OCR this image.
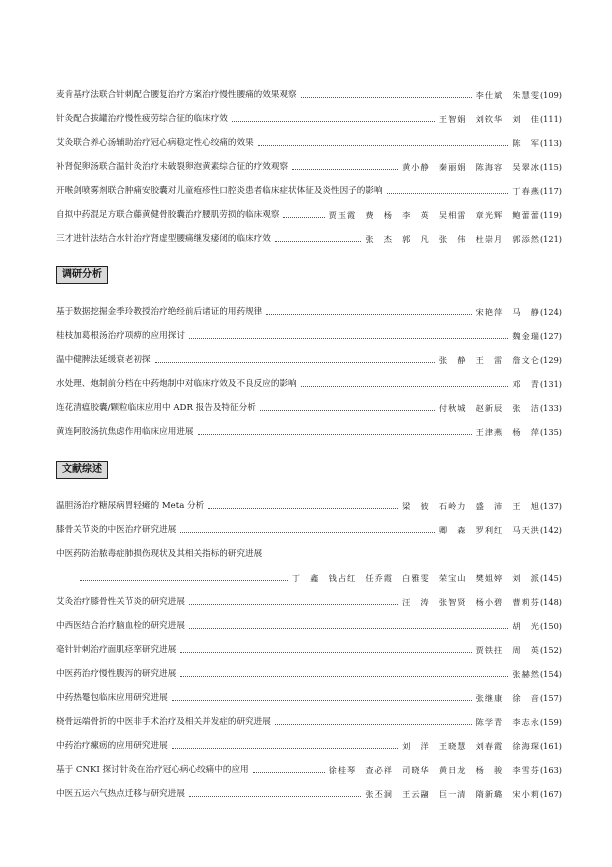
麦肯基疗法联合针刺配合腰复治疗方案治疗慢性腰痛的效果观察	李仕斌　朱慧雯 (109)
针灸配合拔罐治疗慢性疲劳综合征的临床疗效	王智娟　刘钦华　刘　佳 (111)
艾灸联合养心汤辅助治疗冠心病稳定性心绞痛的效果	陈　军 (113)
补肾促卵汤联合温针灸治疗未破裂卵泡黄素综合征的疗效观察	黄小静　秦丽娟　陈海容　吴翠冰 (115)
开喉剑喷雾剂联合肿痛安胶囊对儿童疱疹性口腔炎患者临床症状体征及炎性因子的影响	丁春燕 (117)
自拟中药混足方联合藤黄健骨胶囊治疗腰肌劳损的临床观察	贾玉霞　费　杨　李　英　吴相雷　章光辉　鲍蕾蕾 (119)
三才进针法结合水针治疗肾虚型腰痛继发痿闭的临床疗效	张　杰　郭　凡　张　伟　杜崇月　郭添然 (121)
调研分析
基于数据挖掘金季玲教授治疗绝经前后诸证的用药规律	宋艳萍　马　静 (124)
桂枝加葛根汤治疗项痹的应用探讨	魏金瑞 (127)
温中健脾法延缓衰老初探	张　静　王　雷　詹文仑 (129)
水处理、炮制前分档在中药炮制中对临床疗效及不良反应的影响	邓　青 (131)
连花清瘟胶囊/颗粒临床应用中 ADR 报告及特征分析	付秋城　赵新辰　张　洁 (133)
黄连阿胶汤抗焦虑作用临床应用进展	王津燕　杨　萍 (135)
文献综述
温胆汤治疗糖尿病胃轻瘫的 Meta 分析	梁　彼　石岭力　盛　沛　王　旭 (137)
膝骨关节炎的中医治疗研究进展	卿　森　罗利红　马天洪 (142)
中医药防治脓毒症肺损伤现状及其相关指标的研究进展
丁　鑫　钱占红　任乔霞　白雅雯　荣宝山　樊姐婷　刘　派 (145)
艾灸治疗膝骨性关节炎的研究进展	汪　涛　张智贤　杨小碧　曹莉芬 (148)
中西医结合治疗脑血栓的研究进展	胡　光 (150)
毫针针刺治疗面肌痉挛研究进展	贾铁拄　周　英 (152)
中医药治疗慢性腹泻的研究进展	张赫然 (154)
中药热罨包临床应用研究进展	张继康　徐　音 (157)
桡骨远端骨折的中医非手术治疗及相关并发症的研究进展	陈学青　李志永 (159)
中药治疗瘰疬的应用研究进展	刘　洋　王晓慧　刘春霞　徐海琛 (161)
基于 CNKI 探讨针灸在治疗冠心病心绞痛中的应用	徐桂琴　查必祥　司晓华　黄日龙　杨　骏　李雪芬 (163)
中医五运六气热点迁移与研究进展	张丕洞　王云翮　巨一清　隋新璐　宋小莉 (167)
